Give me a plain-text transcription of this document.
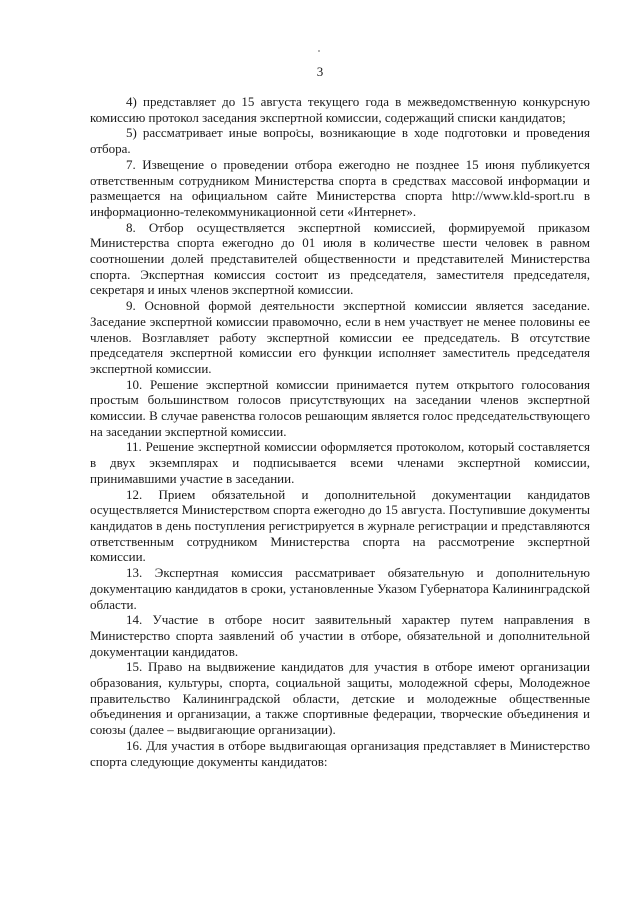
3

4) представляет до 15 августа текущего года в межведомственную конкурсную комиссию протокол заседания экспертной комиссии, содержащий списки кандидатов;

5) рассматривает иные вопросы, возникающие в ходе подготовки и проведения отбора.

7. Извещение о проведении отбора ежегодно не позднее 15 июня публикуется ответственным сотрудником Министерства спорта в средствах массовой информации и размещается на официальном сайте Министерства спорта http://www.kld-sport.ru в информационно-телекоммуникационной сети «Интернет».

8. Отбор осуществляется экспертной комиссией, формируемой приказом Министерства спорта ежегодно до 01 июля в количестве шести человек в равном соотношении долей представителей общественности и представителей Министерства спорта. Экспертная комиссия состоит из председателя, заместителя председателя, секретаря и иных членов экспертной комиссии.

9. Основной формой деятельности экспертной комиссии является заседание. Заседание экспертной комиссии правомочно, если в нем участвует не менее половины ее членов. Возглавляет работу экспертной комиссии ее председатель. В отсутствие председателя экспертной комиссии его функции исполняет заместитель председателя экспертной комиссии.

10. Решение экспертной комиссии принимается путем открытого голосования простым большинством голосов присутствующих на заседании членов экспертной комиссии. В случае равенства голосов решающим является голос председательствующего на заседании экспертной комиссии.

11. Решение экспертной комиссии оформляется протоколом, который составляется в двух экземплярах и подписывается всеми членами экспертной комиссии, принимавшими участие в заседании.

12. Прием обязательной и дополнительной документации кандидатов осуществляется Министерством спорта ежегодно до 15 августа. Поступившие документы кандидатов в день поступления регистрируется в журнале регистрации и представляются ответственным сотрудником Министерства спорта на рассмотрение экспертной комиссии.

13. Экспертная комиссия рассматривает обязательную и дополнительную документацию кандидатов в сроки, установленные Указом Губернатора Калининградской области.

14. Участие в отборе носит заявительный характер путем направления в Министерство спорта заявлений об участии в отборе, обязательной и дополнительной документации кандидатов.

15. Право на выдвижение кандидатов для участия в отборе имеют организации образования, культуры, спорта, социальной защиты, молодежной сферы, Молодежное правительство Калининградской области, детские и молодежные общественные объединения и организации, а также спортивные федерации, творческие объединения и союзы (далее – выдвигающие организации).

16. Для участия в отборе выдвигающая организация представляет в Министерство спорта следующие документы кандидатов:
